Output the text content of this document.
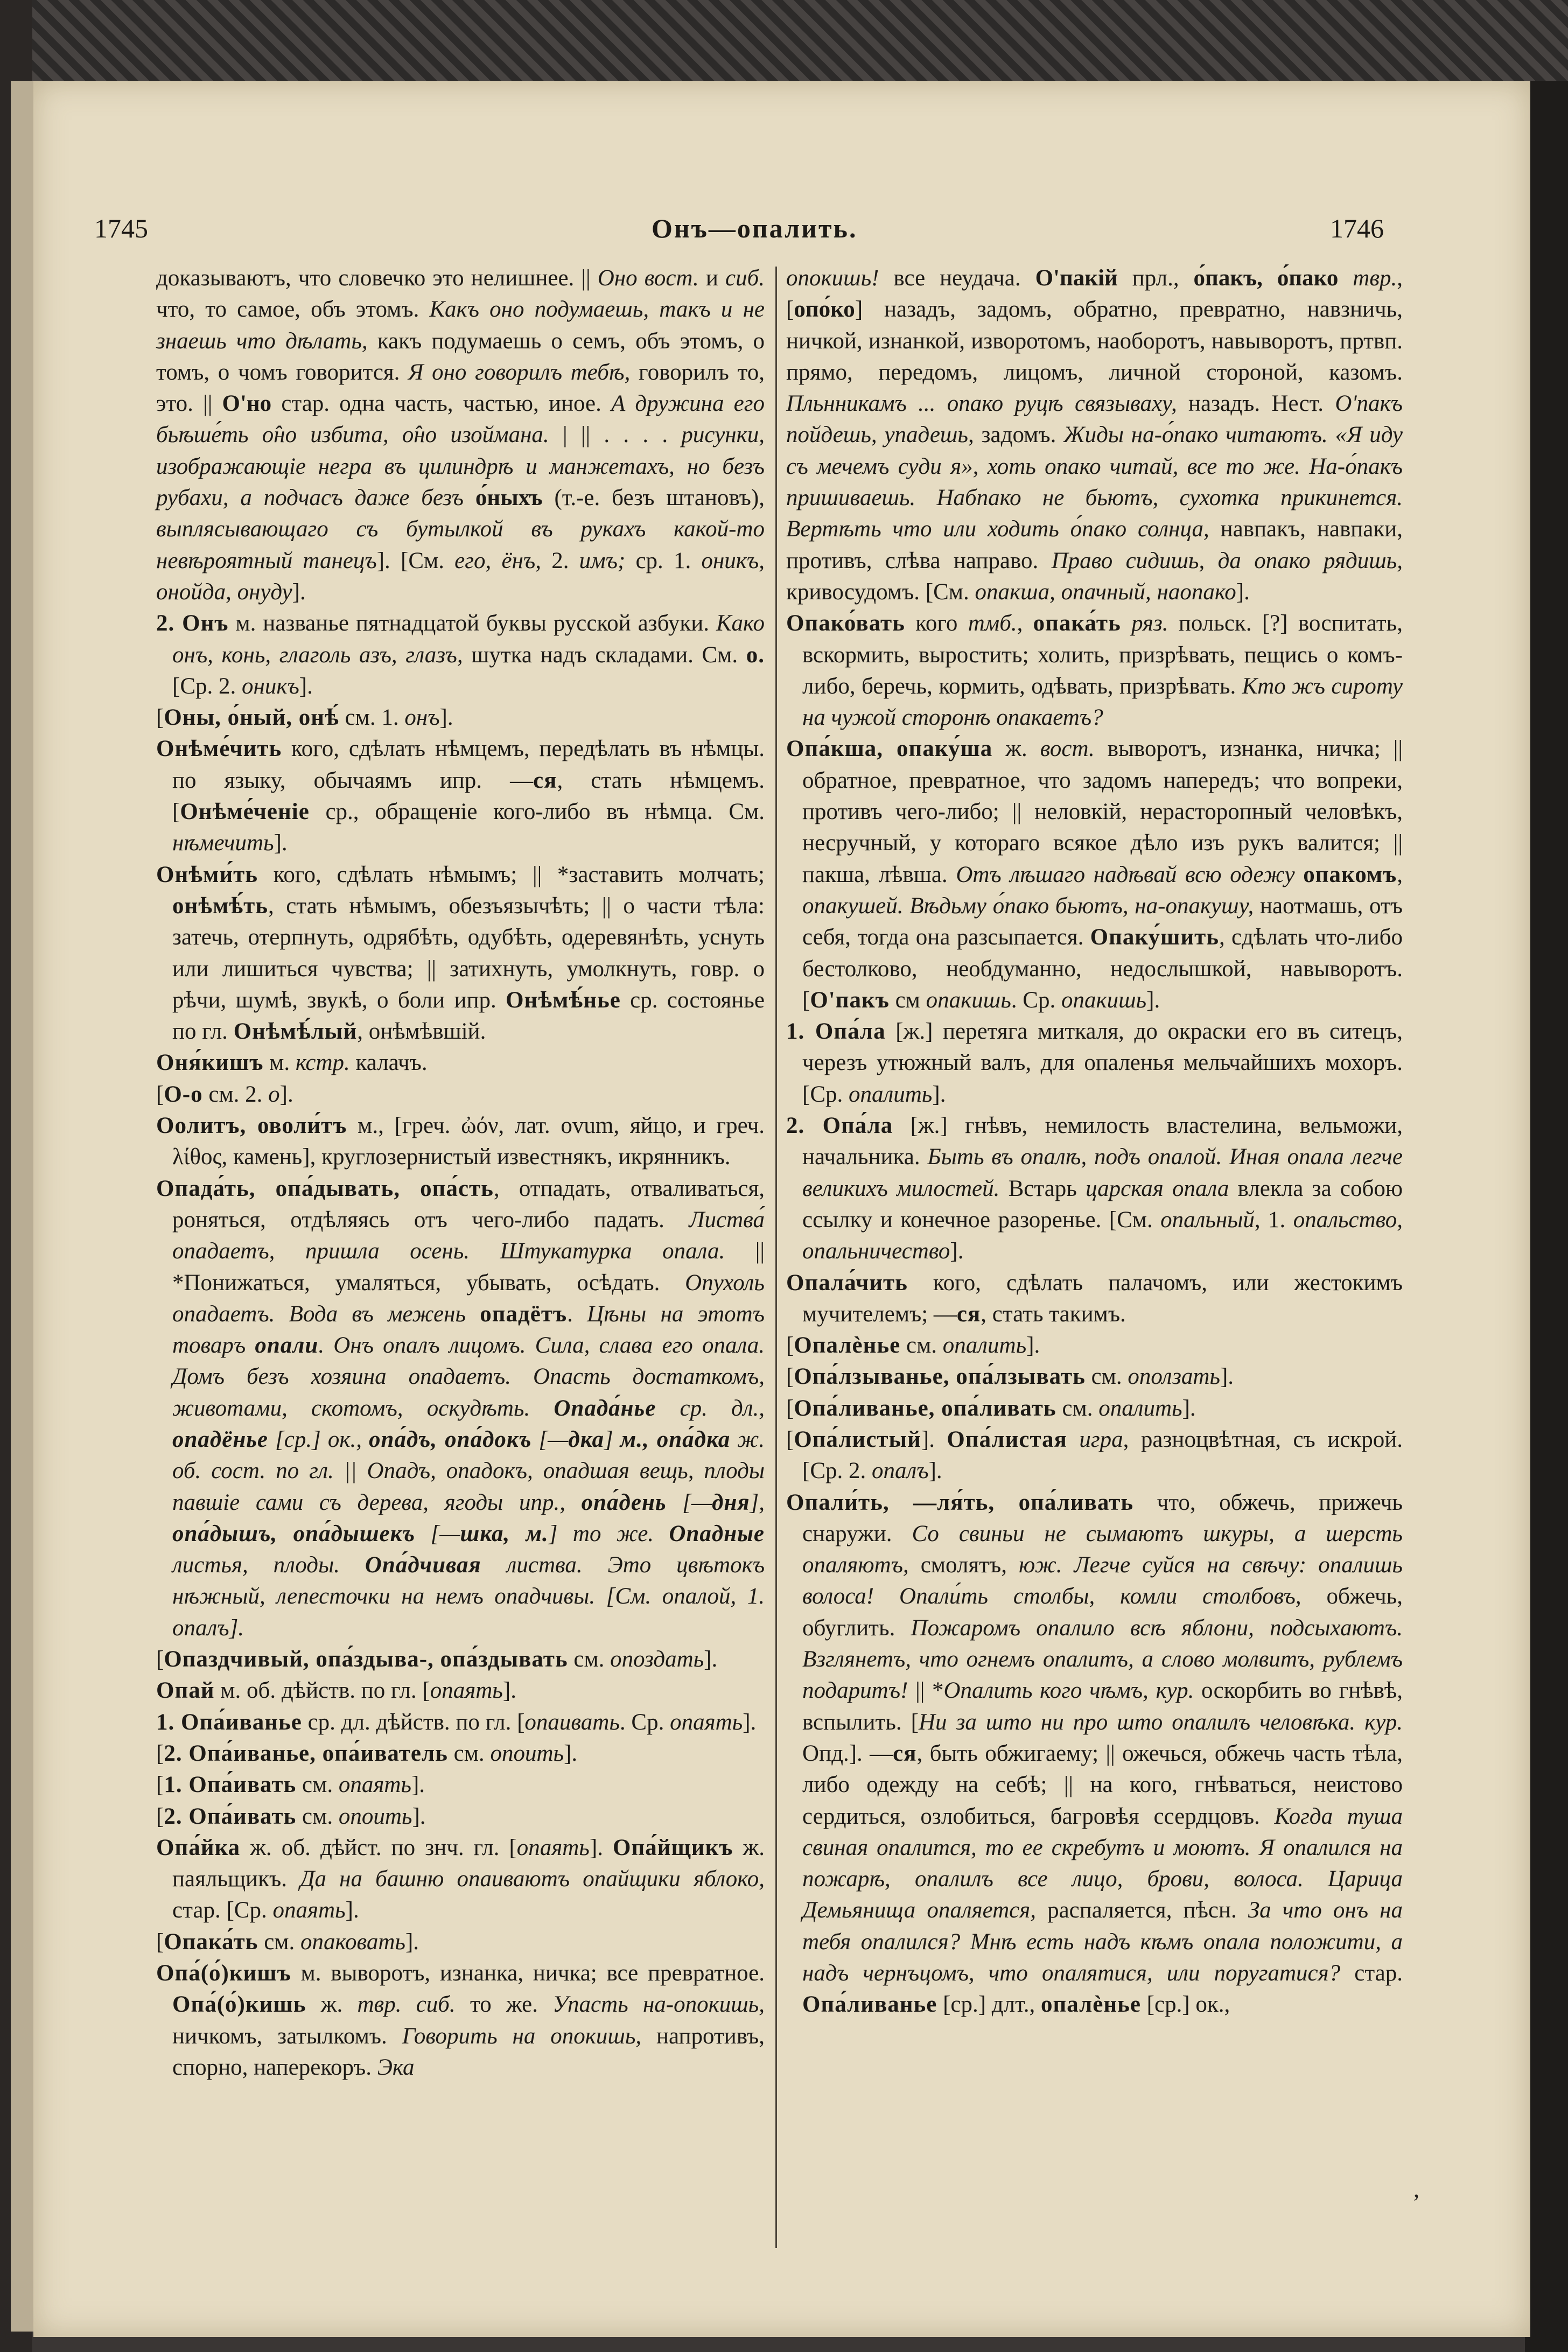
1745	Онъ—опалить.	1746

доказываютъ, что словечко это нелишнее. || Оно вост. и сиб. что, то самое, объ этомъ. Какъ оно подумаешь, такъ и не знаешь что дѣлать, какъ подумаешь о семъ, объ этомъ, о томъ, о чомъ говорится. Я оно говорилъ тебѣ, говорилъ то, это. || О'но стар. одна часть, частью, иное. А дружина его бьѣше́ть о̂но избита, о̂но изоймана. | || . . . . рисунки, изображающіе негра въ цилиндрѣ и манжетахъ, но безъ рубахи, а подчасъ даже безъ о́ныхъ (т.-е. безъ штановъ), выплясывающаго съ бутылкой въ рукахъ какой-то невѣроятный танецъ]. [См. его, ёнъ, 2. имъ; ср. 1. оникъ, онойда, онуду].

2. Онъ м. названье пятнадцатой буквы русской азбуки. Како онъ, конь, глаголь азъ, глазъ, шутка надъ складами. См. о. [Ср. 2. оникъ].

[Оны, о́ный, онѣ́ см. 1. онъ].

Онѣме́чить кого, сдѣлать нѣмцемъ, передѣлать въ нѣмцы. по языку, обычаямъ ипр. —ся, стать нѣмцемъ. [Онѣме́ченіе ср., обращеніе кого-либо въ нѣмца. См. нѣмечить].

Онѣми́ть кого, сдѣлать нѣмымъ; || *заставить молчать; онѣмѣ́ть, стать нѣмымъ, обезъязычѣть; || о части тѣла: затечь, отерпнуть, одрябѣть, одубѣть, одеревянѣть, уснуть или лишиться чувства; || затихнуть, умолкнуть, говр. о рѣчи, шумѣ, звукѣ, о боли ипр. Онѣмѣ́нье ср. состоянье по гл. Онѣмѣ́лый, онѣмѣвшій.

Оня́кишъ м. кстр. калачъ.

[О-о см. 2. о].

Оолитъ, оволи́тъ м., [греч. ὠόν, лат. ovum, яйцо, и греч. λίθος, камень], круглозернистый известнякъ, икрянникъ.

Опада́ть, опа́дывать, опа́сть, отпадать, отваливаться, роняться, отдѣляясь отъ чего-либо падать. Листва́ опадаетъ, пришла осень. Штукатурка опала. || *Понижаться, умаляться, убывать, осѣдать. Опухоль опадаетъ. Вода въ межень опадётъ. Цѣны на этотъ товаръ опали. Онъ опалъ лицомъ. Сила, слава его опала. Домъ безъ хозяина опадаетъ. Опасть достаткомъ, животами, скотомъ, оскудѣть. Опада́нье ср. дл., опадёнье [ср.] ок., опа́дъ, опа́докъ [—дка] м., опа́дка ж. об. сост. по гл. || Опадъ, опадокъ, опадшая вещь, плоды павшіе сами съ дерева, ягоды ипр., опа́день [—дня], опа́дышъ, опа́дышекъ [—шка, м.] то же. Опадные листья, плоды. Опа́дчивая листва. Это цвѣтокъ нѣжный, лепесточки на немъ опадчивы. [См. опалой, 1. опалъ].

[Опаздчивый, опа́здыва-, опа́здывать см. опоздать].

Опай м. об. дѣйств. по гл. [опаять].

1. Опа́иванье ср. дл. дѣйств. по гл. [опаивать. Ср. опаять].

[2. Опа́иванье, опа́иватель см. опоить].

[1. Опа́ивать см. опаять].

[2. Опа́ивать см. опоить].

Опа́йка ж. об. дѣйст. по знч. гл. [опаять]. Опа́йщикъ ж. паяльщикъ. Да на башню опаиваютъ опайщики яблоко, стар. [Ср. опаять].

[Опака́ть см. опаковать].

Опа́(о́)кишъ м. выворотъ, изнанка, ничка; все превратное. Опа́(о́)кишь ж. твр. сиб. то же. Упасть на-опокишь, ничкомъ, затылкомъ. Говорить на опокишь, напротивъ, спорно, наперекоръ. Эка

опокишь! все неудача. О'пакій прл., о́пакъ, о́пако твр., [опо́ко] назадъ, задомъ, обратно, превратно, навзничь, ничкой, изнанкой, изворотомъ, наоборотъ, навыворотъ, пртвп. прямо, передомъ, лицомъ, личной стороной, казомъ. Пльнникамъ ... опако руцѣ связываху, назадъ. Нест. О'пакъ пойдешь, упадешь, задомъ. Жиды на-о́пако читаютъ. «Я иду съ мечемъ суди я», хоть опако читай, все то же. На-о́пакъ пришиваешь. Набпако не бьютъ, сухотка прикинется. Вертѣть что или ходить о́пако солнца, навпакъ, навпаки, противъ, слѣва направо. Право сидишь, да опако рядишь, кривосудомъ. [См. опакша, опачный, наопако].

Опако́вать кого тмб., опака́ть ряз. польск. [?] воспитать, вскормить, выростить; холить, призрѣвать, пещись о комъ-либо, беречь, кормить, одѣвать, призрѣвать. Кто жъ сироту на чужой сторонѣ опакаетъ?

Опа́кша, опаку́ша ж. вост. выворотъ, изнанка, ничка; || обратное, превратное, что задомъ напередъ; что вопреки, противъ чего-либо; || неловкій, нерасторопный человѣкъ, несручный, у котораго всякое дѣло изъ рукъ валится; || пакша, лѣвша. Отъ лѣшаго надѣвай всю одежу опакомъ, опакушей. Вѣдьму о́пако бьютъ, на-опакушу, наотмашь, отъ себя, тогда она разсыпается. Опаку́шить, сдѣлать что-либо бестолково, необдуманно, недослышкой, навыворотъ. [О'пакъ см опакишь. Ср. опакишь].

1. Опа́ла [ж.] перетяга миткаля, до окраски его въ ситецъ, черезъ утюжный валъ, для опаленья мельчайшихъ мохоръ. [Ср. опалить].

2. Опа́ла [ж.] гнѣвъ, немилость властелина, вельможи, начальника. Быть въ опалѣ, подъ опалой. Иная опала легче великихъ милостей. Встарь царская опала влекла за собою ссылку и конечное разоренье. [См. опальный, 1. опальство, опальничество].

Опала́чить кого, сдѣлать палачомъ, или жестокимъ мучителемъ; —ся, стать такимъ.

[Опалѐнье см. опалить].

[Опа́лзыванье, опа́лзывать см. оползать].

[Опа́ливанье, опа́ливать см. опалить].

[Опа́листый]. Опа́листая игра, разноцвѣтная, съ искрой. [Ср. 2. опалъ].

Опали́ть, —ля́ть, опа́ливать что, обжечь, прижечь снаружи. Со свиньи не сымаютъ шкуры, а шерсть опаляютъ, смолятъ, юж. Легче суйся на свѣчу: опалишь волоса! Опали́ть столбы, комли столбовъ, обжечь, обуглить. Пожаромъ опалило всѣ яблони, подсыхаютъ. Взглянетъ, что огнемъ опалитъ, а слово молвитъ, рублемъ подаритъ! || *Опалить кого чѣмъ, кур. оскорбить во гнѣвѣ, вспылить. [Ни за што ни про што опалилъ человѣка. кур. Опд.]. —ся, быть обжигаему; || ожечься, обжечь часть тѣла, либо одежду на себѣ; || на кого, гнѣваться, неистово сердиться, озлобиться, багровѣя ссердцовъ. Когда туша свиная опалится, то ее скребутъ и моютъ. Я опалился на пожарѣ, опалилъ все лицо, брови, волоса. Царица Демьянища опаляется, распаляется, пѣсн. За что онъ на тебя опалился? Мнѣ есть надъ кѣмъ опала положити, а надъ чернъцомъ, что опалятися, или поругатися? стар. Опа́ливанье [ср.] длт., опалѐнье [ср.] ок.,

,
